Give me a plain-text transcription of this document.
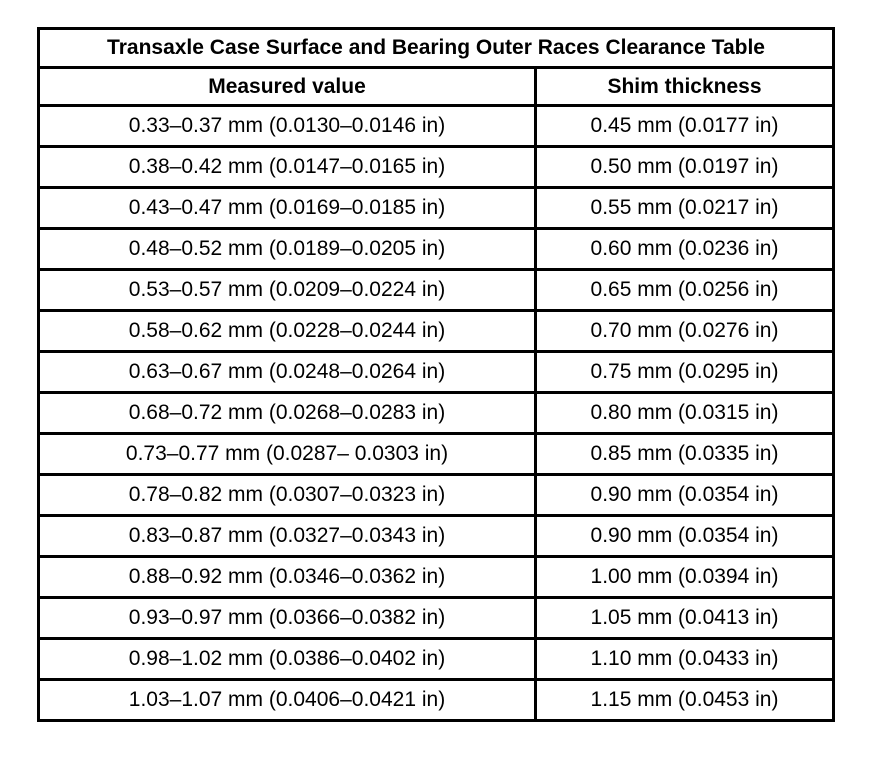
Transaxle Case Surface and Bearing Outer Races Clearance Table	
Measured value	Shim thickness
0.33–0.37 mm (0.0130–0.0146 in)	0.45 mm (0.0177 in)
0.38–0.42 mm (0.0147–0.0165 in)	0.50 mm (0.0197 in)
0.43–0.47 mm (0.0169–0.0185 in)	0.55 mm (0.0217 in)
0.48–0.52 mm (0.0189–0.0205 in)	0.60 mm (0.0236 in)
0.53–0.57 mm (0.0209–0.0224 in)	0.65 mm (0.0256 in)
0.58–0.62 mm (0.0228–0.0244 in)	0.70 mm (0.0276 in)
0.63–0.67 mm (0.0248–0.0264 in)	0.75 mm (0.0295 in)
0.68–0.72 mm (0.0268–0.0283 in)	0.80 mm (0.0315 in)
0.73–0.77 mm (0.0287– 0.0303 in)	0.85 mm (0.0335 in)
0.78–0.82 mm (0.0307–0.0323 in)	0.90 mm (0.0354 in)
0.83–0.87 mm (0.0327–0.0343 in)	0.90 mm (0.0354 in)
0.88–0.92 mm (0.0346–0.0362 in)	1.00 mm (0.0394 in)
0.93–0.97 mm (0.0366–0.0382 in)	1.05 mm (0.0413 in)
0.98–1.02 mm (0.0386–0.0402 in)	1.10 mm (0.0433 in)
1.03–1.07 mm (0.0406–0.0421 in)	1.15 mm (0.0453 in)
